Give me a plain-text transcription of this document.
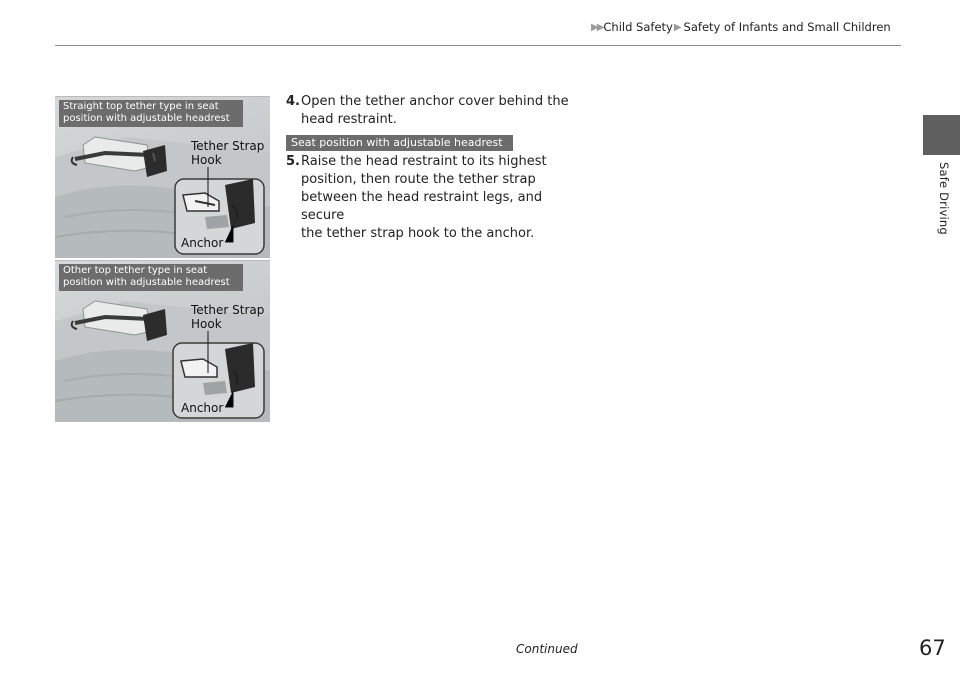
▶▶ Child Safety ▶ Safety of Infants and Small Children
Safe Driving
Straight top tether type in seat
position with adjustable headrest
Tether Strap
Hook
Anchor
Other top tether type in seat
position with adjustable headrest
Tether Strap
Hook
Anchor
4. Open the tether anchor cover behind the
head restraint.
Seat position with adjustable headrest
5. Raise the head restraint to its highest
position, then route the tether strap
between the head restraint legs, and secure
the tether strap hook to the anchor.
Continued	67
